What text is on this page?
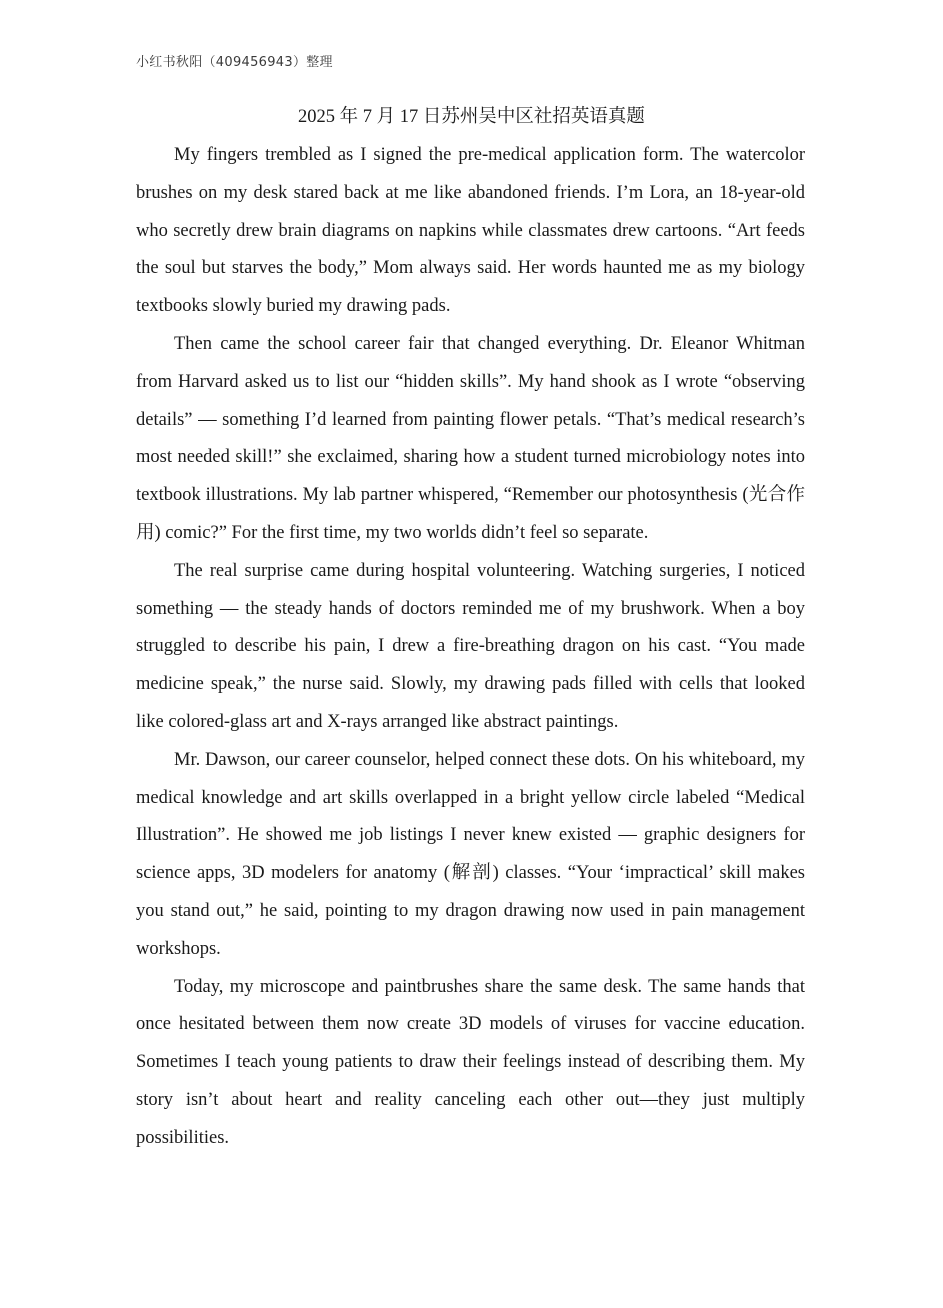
小红书秋阳（409456943）整理
2025 年 7 月 17 日苏州吴中区社招英语真题

My fingers trembled as I signed the pre-medical application form. The watercolor brushes on my desk stared back at me like abandoned friends. I’m Lora, an 18-year-old who secretly drew brain diagrams on napkins while classmates drew cartoons. “Art feeds the soul but starves the body,” Mom always said. Her words haunted me as my biology textbooks slowly buried my drawing pads.

Then came the school career fair that changed everything. Dr. Eleanor Whitman from Harvard asked us to list our “hidden skills”. My hand shook as I wrote “observing details” — something I’d learned from painting flower petals. “That’s medical research’s most needed skill!” she exclaimed, sharing how a student turned microbiology notes into textbook illustrations. My lab partner whispered, “Remember our photosynthesis (光合作用) comic?” For the first time, my two worlds didn’t feel so separate.

The real surprise came during hospital volunteering. Watching surgeries, I noticed something — the steady hands of doctors reminded me of my brushwork. When a boy struggled to describe his pain, I drew a fire-breathing dragon on his cast. “You made medicine speak,” the nurse said. Slowly, my drawing pads filled with cells that looked like colored-glass art and X-rays arranged like abstract paintings.

Mr. Dawson, our career counselor, helped connect these dots. On his whiteboard, my medical knowledge and art skills overlapped in a bright yellow circle labeled “Medical Illustration”. He showed me job listings I never knew existed — graphic designers for science apps, 3D modelers for anatomy (解剖) classes. “Your ‘impractical’ skill makes you stand out,” he said, pointing to my dragon drawing now used in pain management workshops.

Today, my microscope and paintbrushes share the same desk. The same hands that once hesitated between them now create 3D models of viruses for vaccine education. Sometimes I teach young patients to draw their feelings instead of describing them. My story isn’t about heart and reality canceling each other out—they just multiply possibilities.
